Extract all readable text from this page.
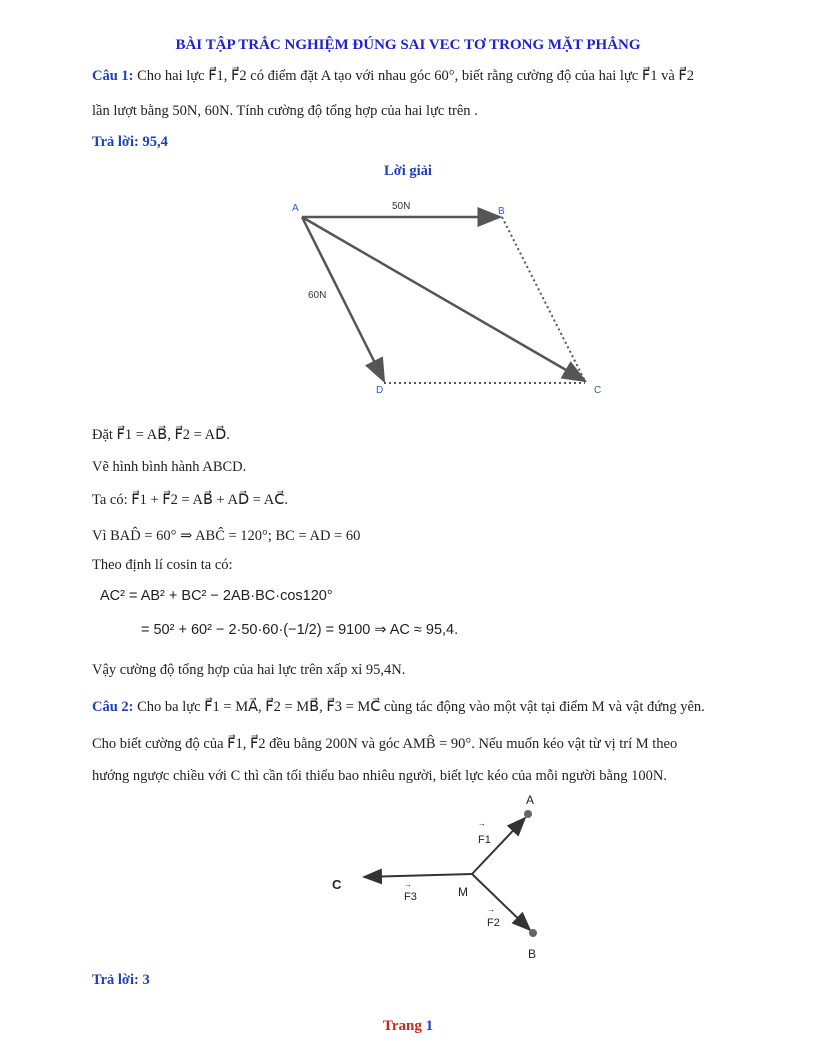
BÀI TẬP TRẮC NGHIỆM ĐÚNG SAI VEC TƠ TRONG MẶT PHẲNG
Câu 1: Cho hai lực F⃗1, F⃗2 có điểm đặt A tạo với nhau góc 60°, biết rằng cường độ của hai lực F⃗1 và F⃗2
lần lượt bằng 50N, 60N. Tính cường độ tổng hợp của hai lực trên .
Trả lời: 95,4
Lời giải
A	B
C
D
50N
60N
Đặt F⃗1 = AB⃗, F⃗2 = AD⃗.
Vẽ hình bình hành ABCD.
Ta có: F⃗1 + F⃗2 = AB⃗ + AD⃗ = AC⃗.
Vì BAD̂ = 60° ⇒ ABĈ = 120°; BC = AD = 60
Theo định lí cosin ta có:
AC² = AB² + BC² − 2AB·BC·cos120°
= 50² + 60² − 2·50·60·(−1/2) = 9100 ⇒ AC ≈ 95,4.
Vậy cường độ tổng hợp của hai lực trên xấp xỉ 95,4N.
Câu 2: Cho ba lực F⃗1 = MA⃗, F⃗2 = MB⃗, F⃗3 = MC⃗ cùng tác động vào một vật tại điểm M và vật đứng yên.
Cho biết cường độ của F⃗1, F⃗2 đều bằng 200N và góc AMB̂ = 90°. Nếu muốn kéo vật từ vị trí M theo
hướng ngược chiều với C thì cần tối thiểu bao nhiêu người, biết lực kéo của mỗi người bằng 100N.
A
B
C	M
→
F1
→
F2
→
F3
Trả lời: 3
Trang 1
